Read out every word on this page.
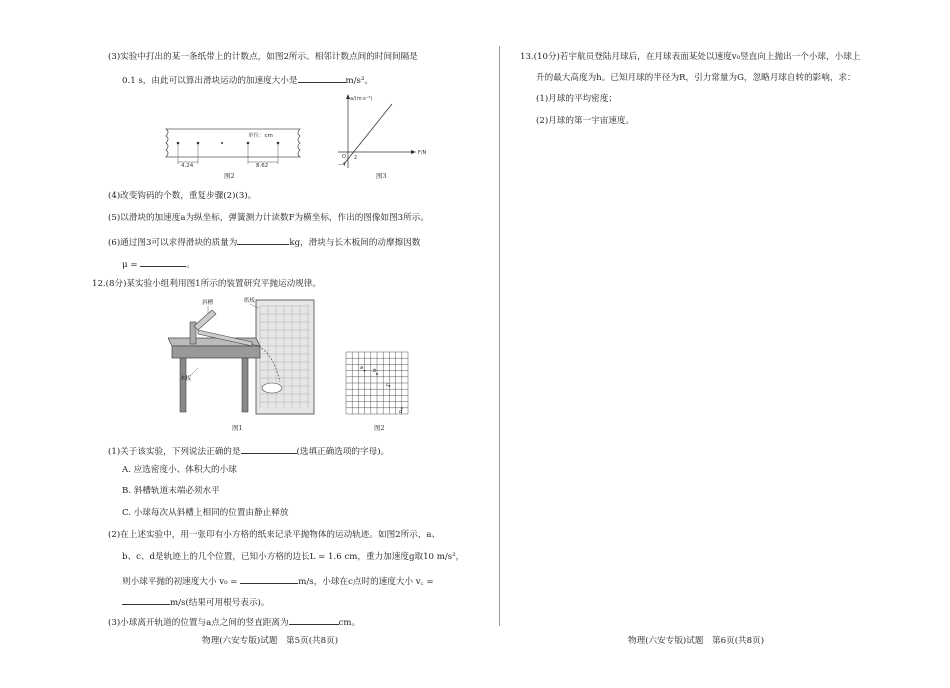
(3)实验中打出的某一条纸带上的计数点，如图2所示。相邻计数点间的时间间隔是
0.1 s，由此可以算出滑块运动的加速度大小是	m/s²。
单位：cm
4.24	8.62
图2
a/(m·s⁻²)
F/N
O 2
−4
图3
(4)改变钩码的个数，重复步骤(2)(3)。
(5)以滑块的加速度a为纵坐标，弹簧测力计读数F为横坐标，作出的图像如图3所示。
(6)通过图3可以求得滑块的质量为	kg，滑块与长木板间的动摩擦因数
μ =	。
12.(8分)某实验小组利用图1所示的装置研究平抛运动规律。
斜槽	纸板
木板
图1
a b
c
d
图2
(1)关于该实验，下列说法正确的是	(选填正确选项的字母)。
A. 应选密度小、体积大的小球
B. 斜槽轨道末端必须水平
C. 小球每次从斜槽上相同的位置由静止释放
(2)在上述实验中，用一张印有小方格的纸来记录平抛物体的运动轨迹。如图2所示，a、
b、c、d是轨迹上的几个位置，已知小方格的边长L = 1.6 cm，重力加速度g取10 m/s²，
则小球平抛的初速度大小 v₀ =	m/s，小球在c点时的速度大小 v꜀ =
m/s(结果可用根号表示)。
(3)小球离开轨道的位置与a点之间的竖直距离为	cm。
物理(六安专版)试题　第5页(共8页)
13.(10分)若宇航员登陆月球后，在月球表面某处以速度v₀竖直向上抛出一个小球，小球上
升的最大高度为h。已知月球的半径为R，引力常量为G，忽略月球自转的影响，求：
(1)月球的平均密度；
(2)月球的第一宇宙速度。
物理(六安专版)试题　第6页(共8页)
